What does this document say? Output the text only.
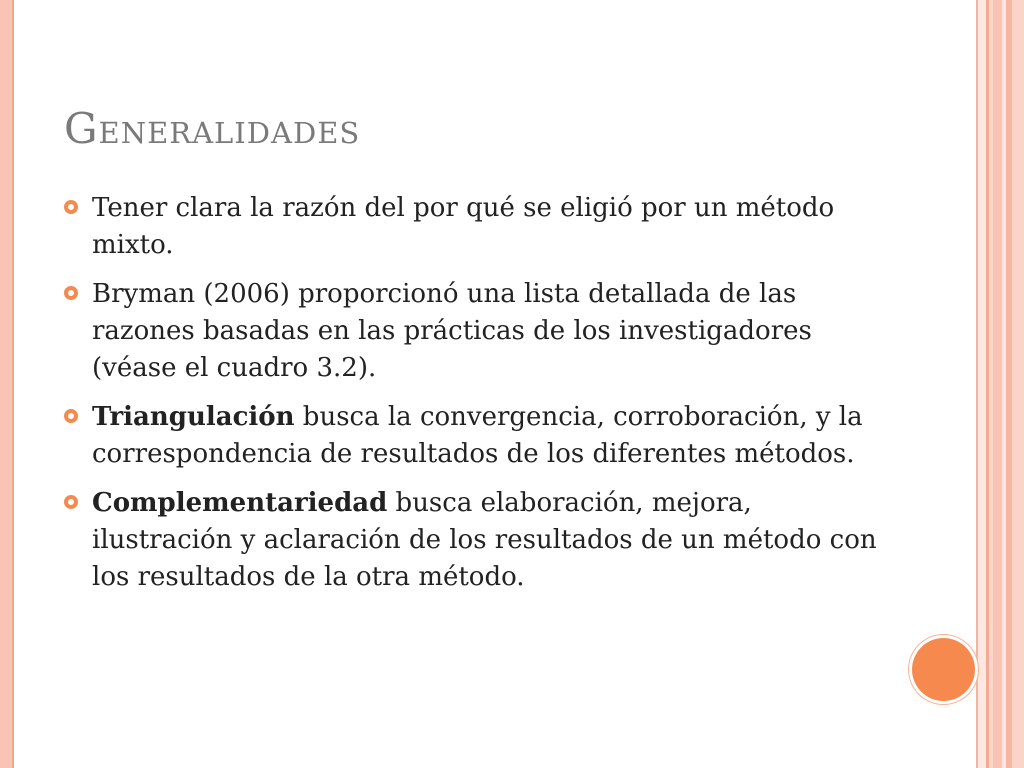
Generalidades
Tener clara la razón del por qué se eligió por un método mixto.
Bryman (2006) proporcionó una lista detallada de las razones basadas en las prácticas de los investigadores (véase el cuadro 3.2).
Triangulación busca la convergencia, corroboración, y la correspondencia de resultados de los diferentes métodos.
Complementariedad busca elaboración, mejora, ilustración y aclaración de los resultados de un método con los resultados de la otra método.
